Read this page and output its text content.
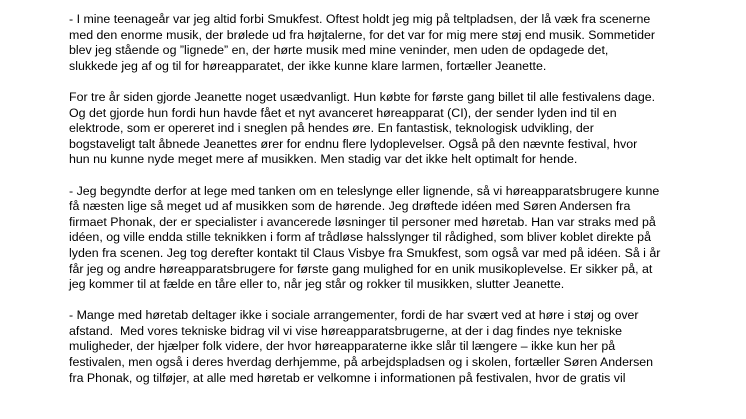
- I mine teenageår var jeg altid forbi Smukfest. Oftest holdt jeg mig på teltpladsen, der lå væk fra scenerne
med den enorme musik, der brølede ud fra højtalerne, for det var for mig mere støj end musik. Sommetider
blev jeg stående og ”lignede” en, der hørte musik med mine veninder, men uden de opdagede det,
slukkede jeg af og til for høreapparatet, der ikke kunne klare larmen, fortæller Jeanette.

For tre år siden gjorde Jeanette noget usædvanligt. Hun købte for første gang billet til alle festivalens dage.
Og det gjorde hun fordi hun havde fået et nyt avanceret høreapparat (CI), der sender lyden ind til en
elektrode, som er opereret ind i sneglen på hendes øre. En fantastisk, teknologisk udvikling, der
bogstaveligt talt åbnede Jeanettes ører for endnu flere lydoplevelser. Også på den nævnte festival, hvor
hun nu kunne nyde meget mere af musikken. Men stadig var det ikke helt optimalt for hende.

- Jeg begyndte derfor at lege med tanken om en teleslynge eller lignende, så vi høreapparatsbrugere kunne
få næsten lige så meget ud af musikken som de hørende. Jeg drøftede idéen med Søren Andersen fra
firmaet Phonak, der er specialister i avancerede løsninger til personer med høretab. Han var straks med på
idéen, og ville endda stille teknikken i form af trådløse halsslynger til rådighed, som bliver koblet direkte på
lyden fra scenen. Jeg tog derefter kontakt til Claus Visbye fra Smukfest, som også var med på idéen. Så i år
får jeg og andre høreapparatsbrugere for første gang mulighed for en unik musikoplevelse. Er sikker på, at
jeg kommer til at fælde en tåre eller to, når jeg står og rokker til musikken, slutter Jeanette.

- Mange med høretab deltager ikke i sociale arrangementer, fordi de har svært ved at høre i støj og over
afstand.  Med vores tekniske bidrag vil vi vise høreapparatsbrugerne, at der i dag findes nye tekniske
muligheder, der hjælper folk videre, der hvor høreapparaterne ikke slår til længere – ikke kun her på
festivalen, men også i deres hverdag derhjemme, på arbejdspladsen og i skolen, fortæller Søren Andersen
fra Phonak, og tilføjer, at alle med høretab er velkomne i informationen på festivalen, hvor de gratis vil
